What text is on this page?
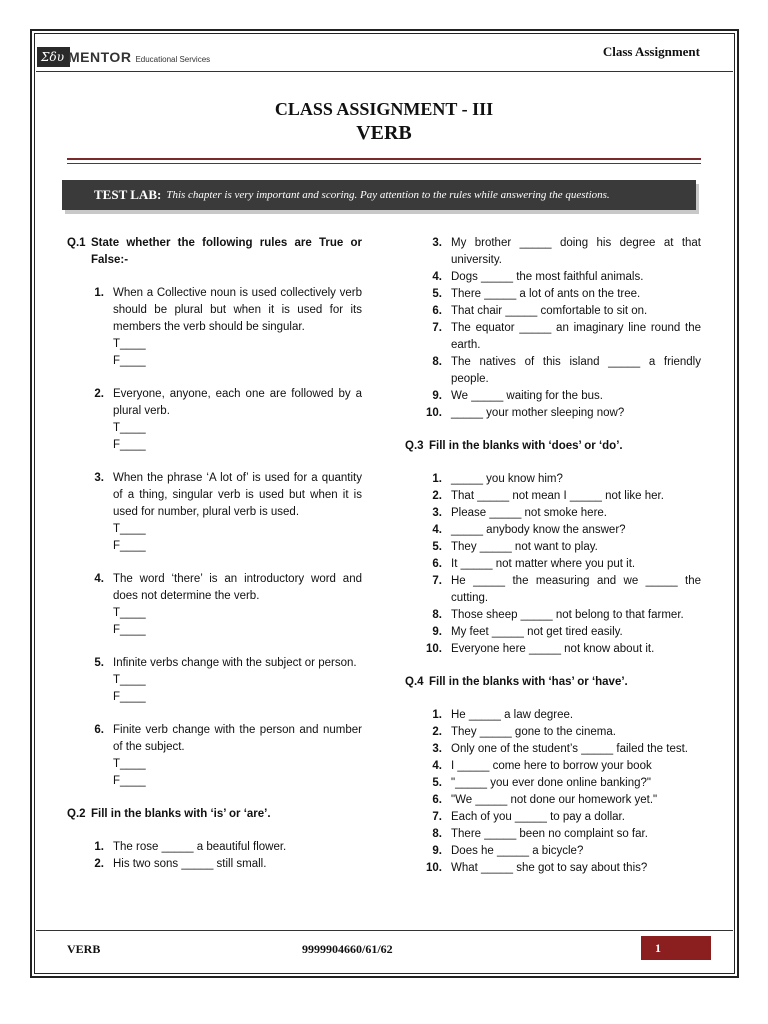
Σδυ MENTOR Educational Services	Class Assignment
CLASS ASSIGNMENT - III
VERB
TEST LAB: This chapter is very important and scoring. Pay attention to the rules while answering the questions.
Q.1 State whether the following rules are True or False:-
1. When a Collective noun is used collectively verb should be plural but when it is used for its members the verb should be singular.
T____
F____
2. Everyone, anyone, each one are followed by a plural verb.
T____
F____
3. When the phrase ‘A lot of’ is used for a quantity of a thing, singular verb is used but when it is used for number, plural verb is used.
T____
F____
4. The word ‘there’ is an introductory word and does not determine the verb.
T____
F____
5. Infinite verbs change with the subject or person.
T____
F____
6. Finite verb change with the person and number of the subject.
T____
F____
Q.2 Fill in the blanks with ‘is’ or ‘are’.
1. The rose _____ a beautiful flower.
2. His two sons _____ still small.
3. My brother _____ doing his degree at that university.
4. Dogs _____ the most faithful animals.
5. There _____ a lot of ants on the tree.
6. That chair _____ comfortable to sit on.
7. The equator _____ an imaginary line round the earth.
8. The natives of this island _____ a friendly people.
9. We _____ waiting for the bus.
10. _____ your mother sleeping now?
Q.3 Fill in the blanks with ‘does’ or ‘do’.
1. _____ you know him?
2. That _____ not mean I _____ not like her.
3. Please _____ not smoke here.
4. _____ anybody know the answer?
5. They _____ not want to play.
6. It _____ not matter where you put it.
7. He _____ the measuring and we _____ the cutting.
8. Those sheep _____ not belong to that farmer.
9. My feet _____ not get tired easily.
10. Everyone here _____ not know about it.
Q.4 Fill in the blanks with ‘has’ or ‘have’.
1. He _____ a law degree.
2. They _____ gone to the cinema.
3. Only one of the student’s _____ failed the test.
4. I _____ come here to borrow your book
5. "_____ you ever done online banking?"
6. "We _____ not done our homework yet."
7. Each of you _____ to pay a dollar.
8. There _____ been no complaint so far.
9. Does he _____ a bicycle?
10. What _____ she got to say about this?
VERB	9999904660/61/62	1
